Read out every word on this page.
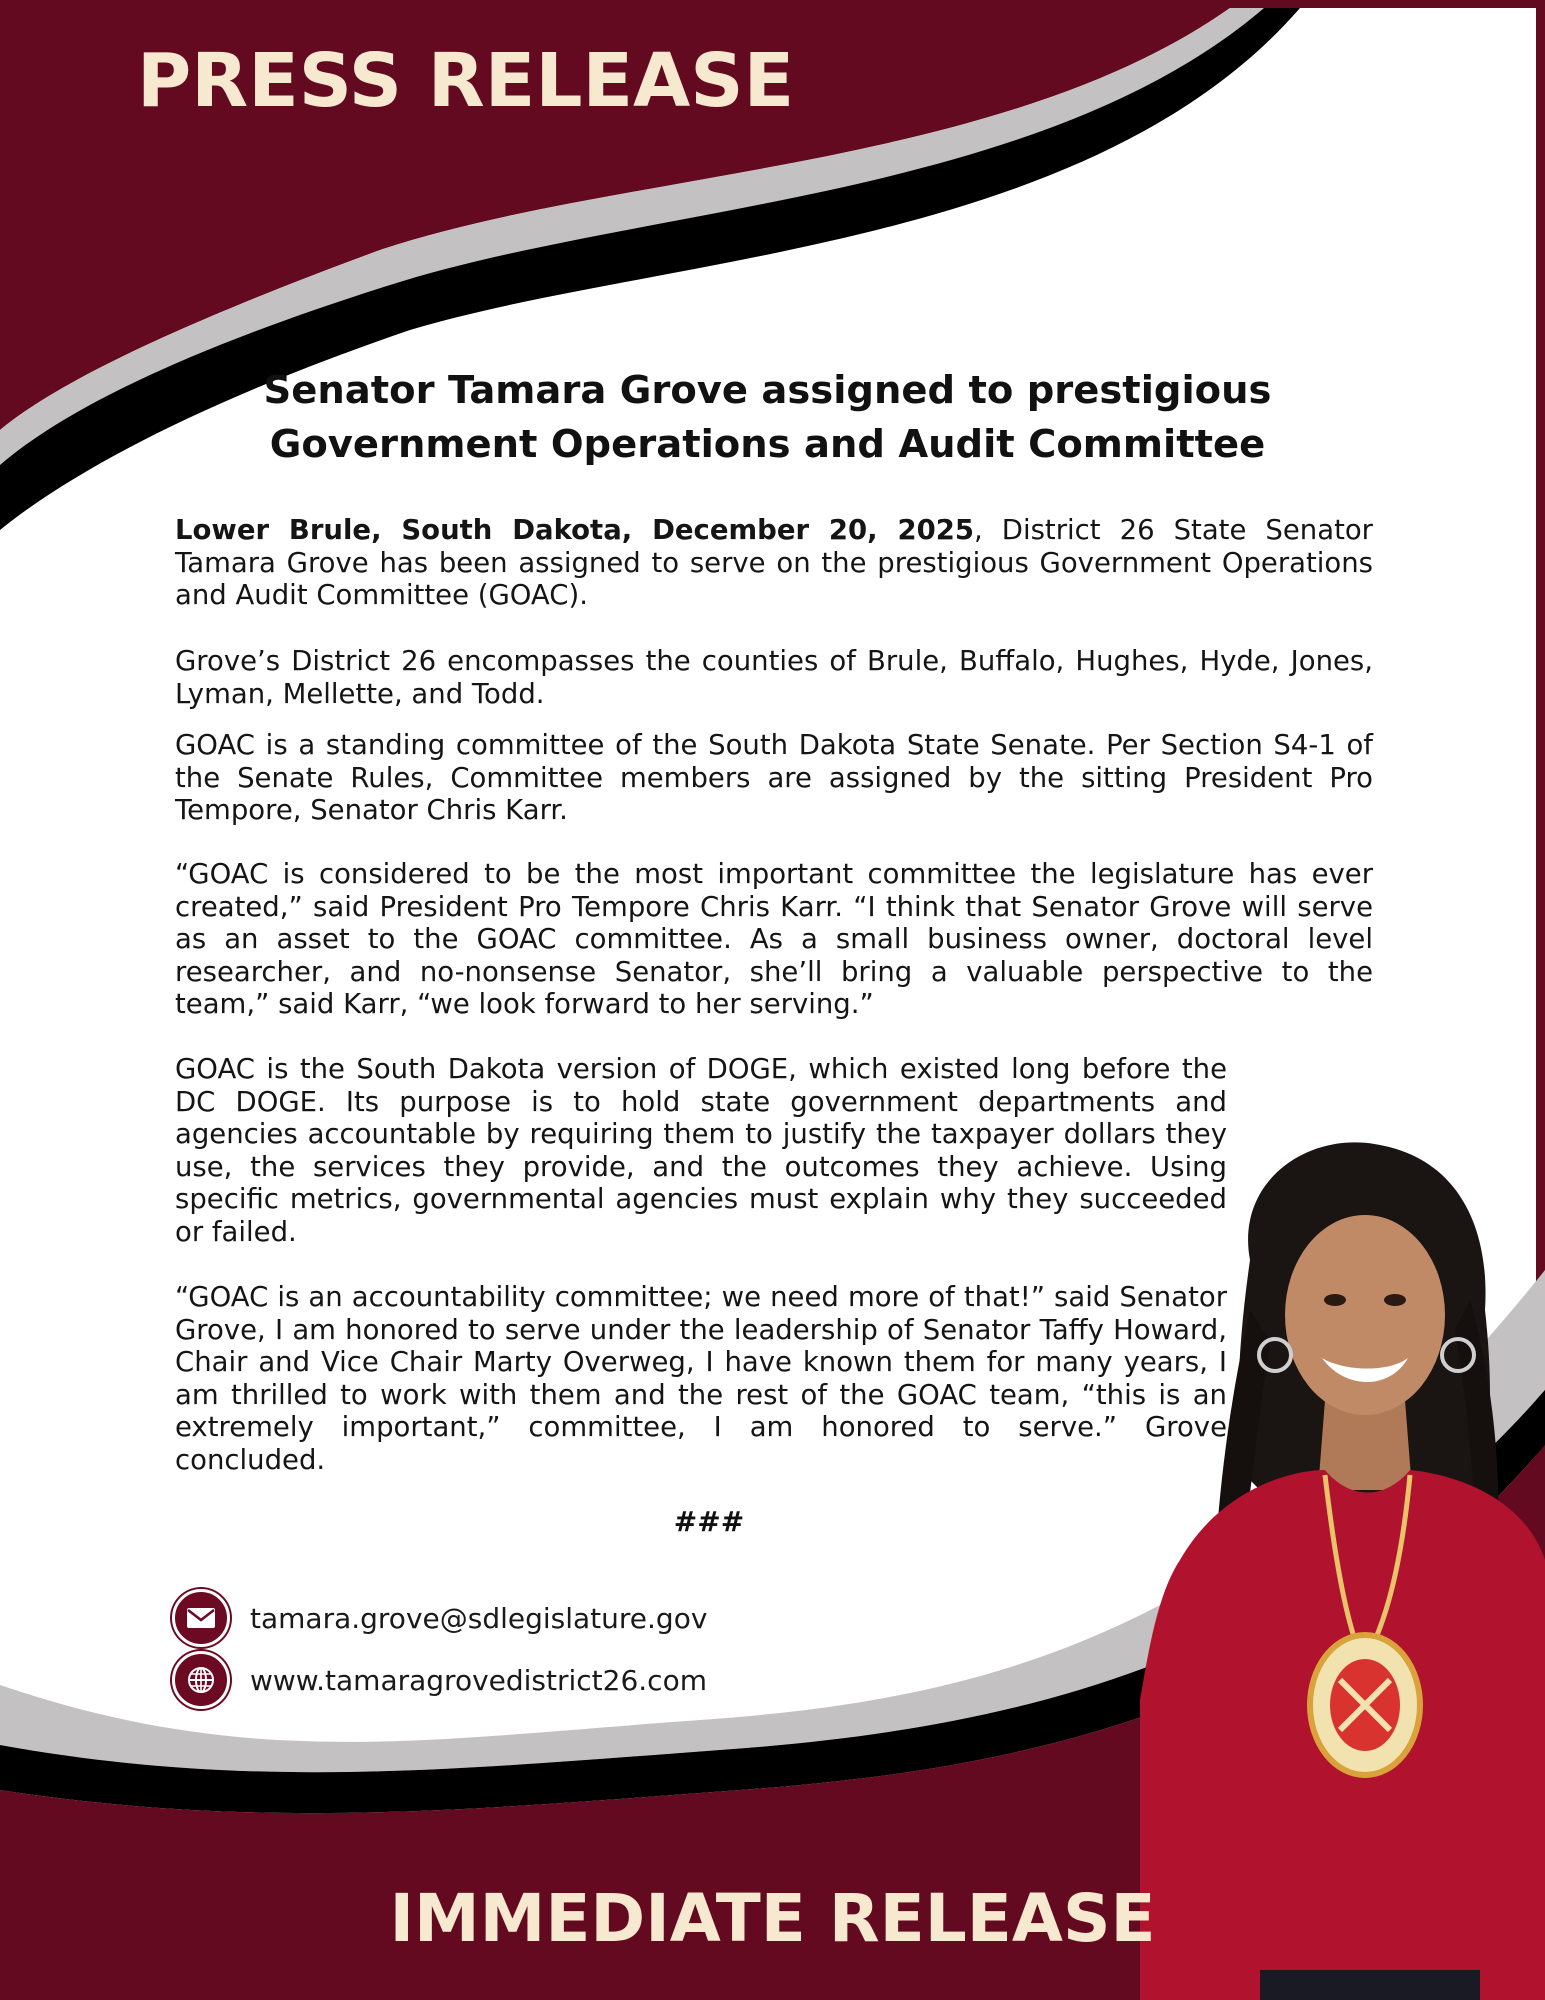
PRESS RELEASE
Senator Tamara Grove assigned to prestigious
Government Operations and Audit Committee

Lower Brule, South Dakota, December 20, 2025, District 26 State Senator Tamara Grove has been assigned to serve on the prestigious Government Operations and Audit Committee (GOAC).

Grove’s District 26 encompasses the counties of Brule, Buffalo, Hughes, Hyde, Jones, Lyman, Mellette, and Todd.

GOAC is a standing committee of the South Dakota State Senate. Per Section S4-1 of the Senate Rules, Committee members are assigned by the sitting President Pro Tempore, Senator Chris Karr.

“GOAC is considered to be the most important committee the legislature has ever created,” said President Pro Tempore Chris Karr. “I think that Senator Grove will serve as an asset to the GOAC committee. As a small business owner, doctoral level researcher, and no-nonsense Senator, she’ll bring a valuable perspective to the team,” said Karr, “we look forward to her serving.”

GOAC is the South Dakota version of DOGE, which existed long before the DC DOGE. Its purpose is to hold state government departments and agencies accountable by requiring them to justify the taxpayer dollars they use, the services they provide, and the outcomes they achieve. Using specific metrics, governmental agencies must explain why they succeeded or failed.

“GOAC is an accountability committee; we need more of that!” said Senator Grove, I am honored to serve under the leadership of Senator Taffy Howard, Chair and Vice Chair Marty Overweg, I have known them for many years, I am thrilled to work with them and the rest of the GOAC team, “this is an extremely important,” committee, I am honored to serve.” Grove concluded.

###
tamara.grove@sdlegislature.gov
www.tamaragrovedistrict26.com
IMMEDIATE RELEASE
